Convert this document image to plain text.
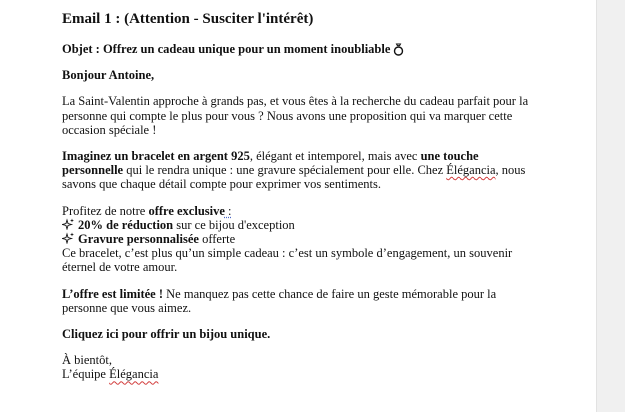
Email 1 : (Attention - Susciter l'intérêt)

Objet : Offrez un cadeau unique pour un moment inoubliable

Bonjour Antoine,

La Saint-Valentin approche à grands pas, et vous êtes à la recherche du cadeau parfait pour la personne qui compte le plus pour vous ? Nous avons une proposition qui va marquer cette occasion spéciale !

Imaginez un bracelet en argent 925, élégant et intemporel, mais avec une touche personnelle qui le rendra unique : une gravure spécialement pour elle. Chez Élégancia, nous savons que chaque détail compte pour exprimer vos sentiments.

Profitez de notre offre exclusive :

20% de réduction sur ce bijou d'exception

Gravure personnalisée offerte

Ce bracelet, c’est plus qu’un simple cadeau : c’est un symbole d’engagement, un souvenir éternel de votre amour.

L’offre est limitée ! Ne manquez pas cette chance de faire un geste mémorable pour la personne que vous aimez.

Cliquez ici pour offrir un bijou unique.

À bientôt,

L’équipe Élégancia
